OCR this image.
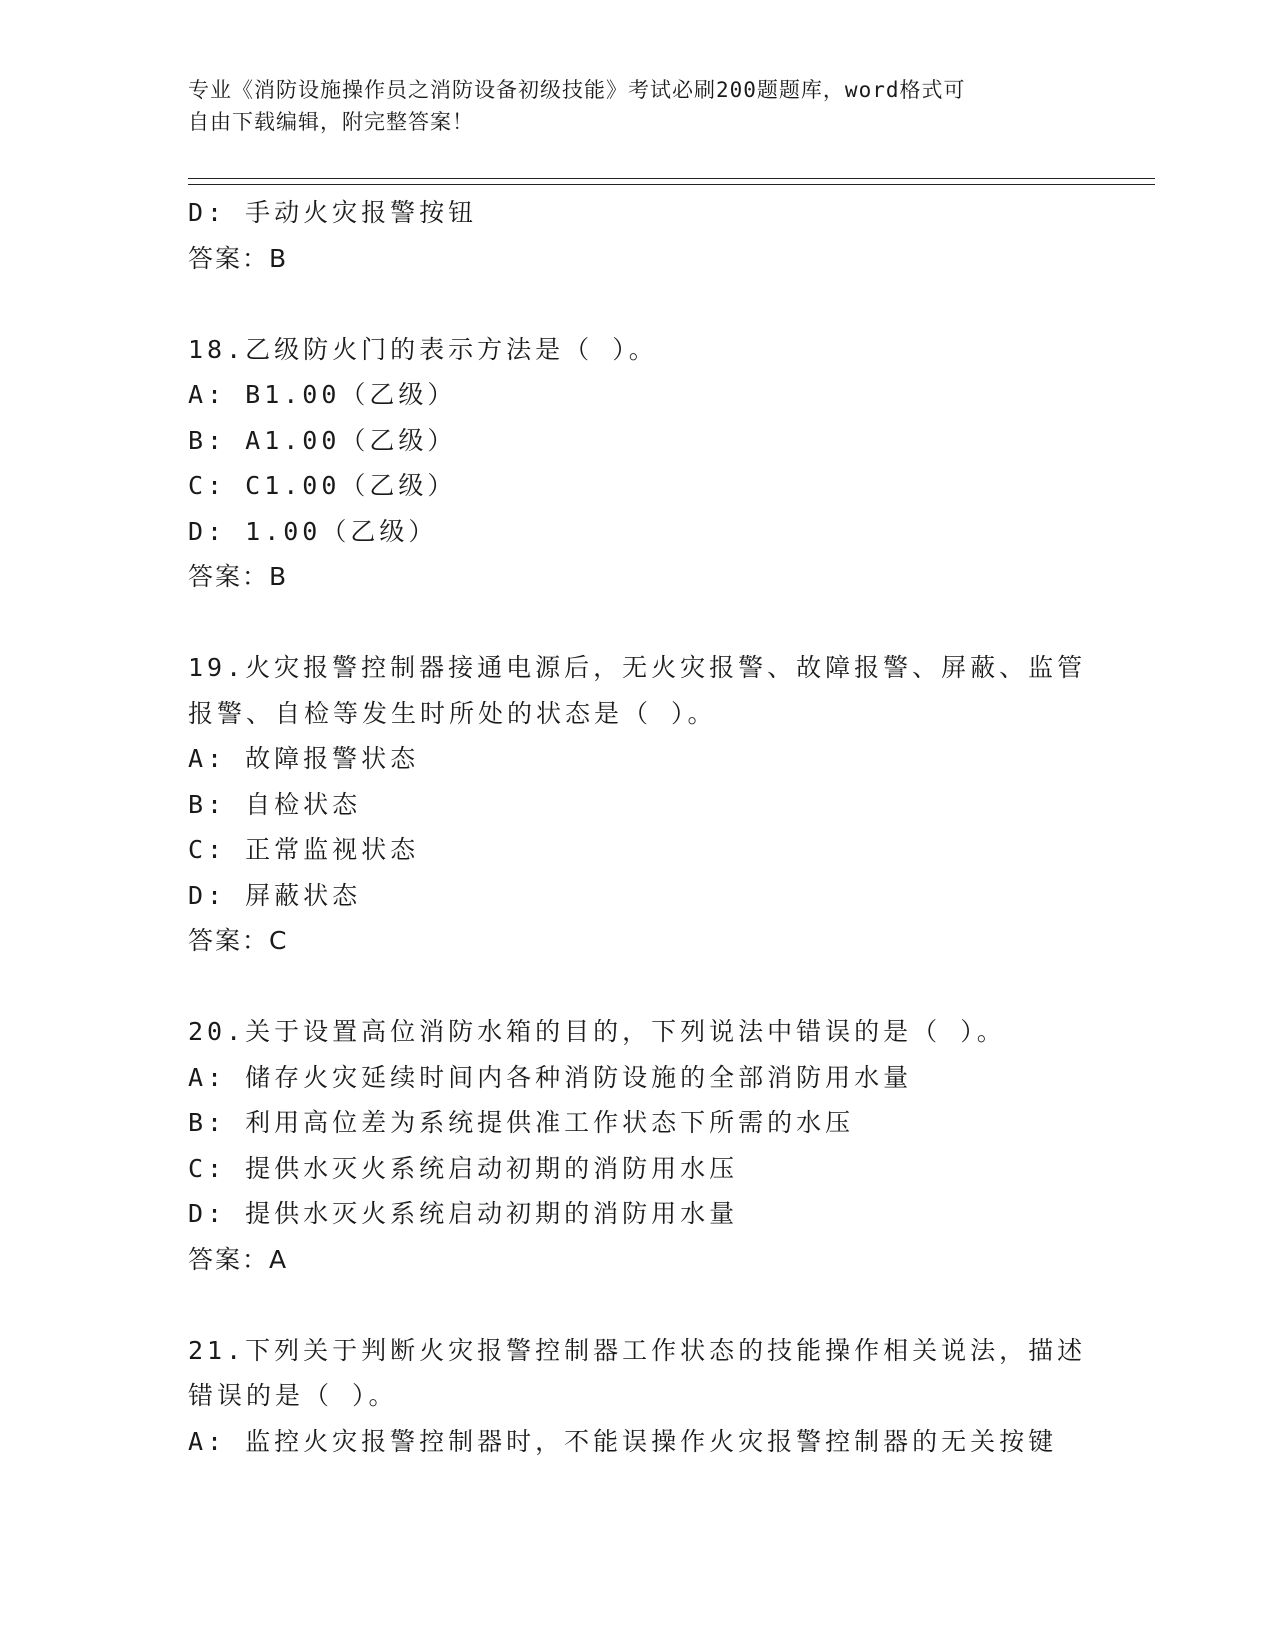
专业《消防设施操作员之消防设备初级技能》考试必刷200题题库，word格式可
自由下载编辑，附完整答案！
D: 手动火灾报警按钮
答案：B
18.乙级防火门的表示方法是（ ）。
A: B1.00（乙级）
B: A1.00（乙级）
C: C1.00（乙级）
D: 1.00（乙级）
答案：B
19.火灾报警控制器接通电源后，无火灾报警、故障报警、屏蔽、监管报警、自检等发生时所处的状态是（ ）。
A: 故障报警状态
B: 自检状态
C: 正常监视状态
D: 屏蔽状态
答案：C
20.关于设置高位消防水箱的目的，下列说法中错误的是（ ）。
A: 储存火灾延续时间内各种消防设施的全部消防用水量
B: 利用高位差为系统提供准工作状态下所需的水压
C: 提供水灭火系统启动初期的消防用水压
D: 提供水灭火系统启动初期的消防用水量
答案：A
21.下列关于判断火灾报警控制器工作状态的技能操作相关说法，描述错误的是（ ）。
A: 监控火灾报警控制器时，不能误操作火灾报警控制器的无关按键
